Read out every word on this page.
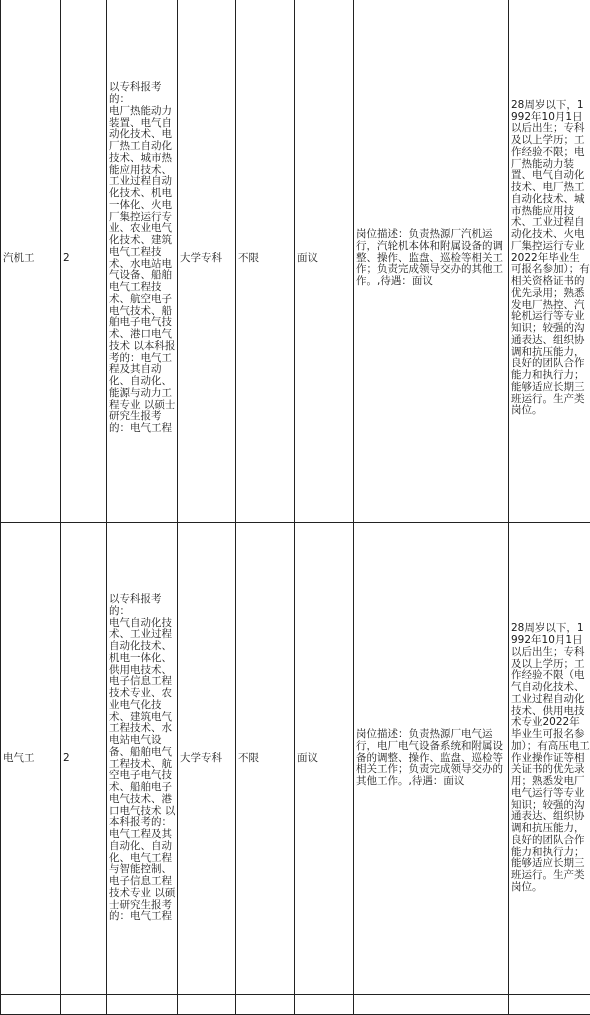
汽机工	2	以专科报考的：
电厂热能动力装置、电气自动化技术、电厂热工自动化技术、城市热能应用技术、工业过程自动化技术、机电一体化、火电厂集控运行专业、农业电气化技术、建筑电气工程技术、水电站电气设备、船舶电气工程技术、航空电子电气技术、船舶电子电气技术、港口电气技术 以本科报考的：电气工程及其自动化、自动化、能源与动力工程专业 以硕士研究生报考的：电气工程	大学专科	不限	面议	岗位描述：负责热源厂汽机运行，汽轮机本体和附属设备的调整、操作、监盘、巡检等相关工作；负责完成领导交办的其他工作。,待遇：面议	28周岁以下，1992年10月1日以后出生；专科及以上学历；工作经验不限；电厂热能动力装置、电气自动化技术、电厂热工自动化技术、城市热能应用技术、工业过程自动化技术、火电厂集控运行专业2022年毕业生可报名参加）；有相关资格证书的优先录用；熟悉发电厂热控、汽轮机运行等专业知识；较强的沟通表达、组织协调和抗压能力，良好的团队合作能力和执行力；能够适应长期三班运行。生产类岗位。

电气工	2	以专科报考的：
电气自动化技术、工业过程自动化技术、机电一体化、供用电技术、电子信息工程技术专业、农业电气化技术、建筑电气工程技术、水电站电气设备、船舶电气工程技术、航空电子电气技术、船舶电子电气技术、港口电气技术 以本科报考的：电气工程及其自动化、自动化、电气工程与智能控制、电子信息工程技术专业 以硕士研究生报考的：电气工程	大学专科	不限	面议	岗位描述：负责热源厂电气运行，电厂电气设备系统和附属设备的调整、操作、监盘、巡检等相关工作；负责完成领导交办的其他工作。,待遇：面议	28周岁以下，1992年10月1日以后出生；专科及以上学历；工作经验不限（电气自动化技术、工业过程自动化技术、供用电技术专业2022年毕业生可报名参加）；有高压电工作业操作证等相关证书的优先录用；熟悉发电厂电气运行等专业知识；较强的沟通表达、组织协调和抗压能力，良好的团队合作能力和执行力；能够适应长期三班运行。生产类岗位。
